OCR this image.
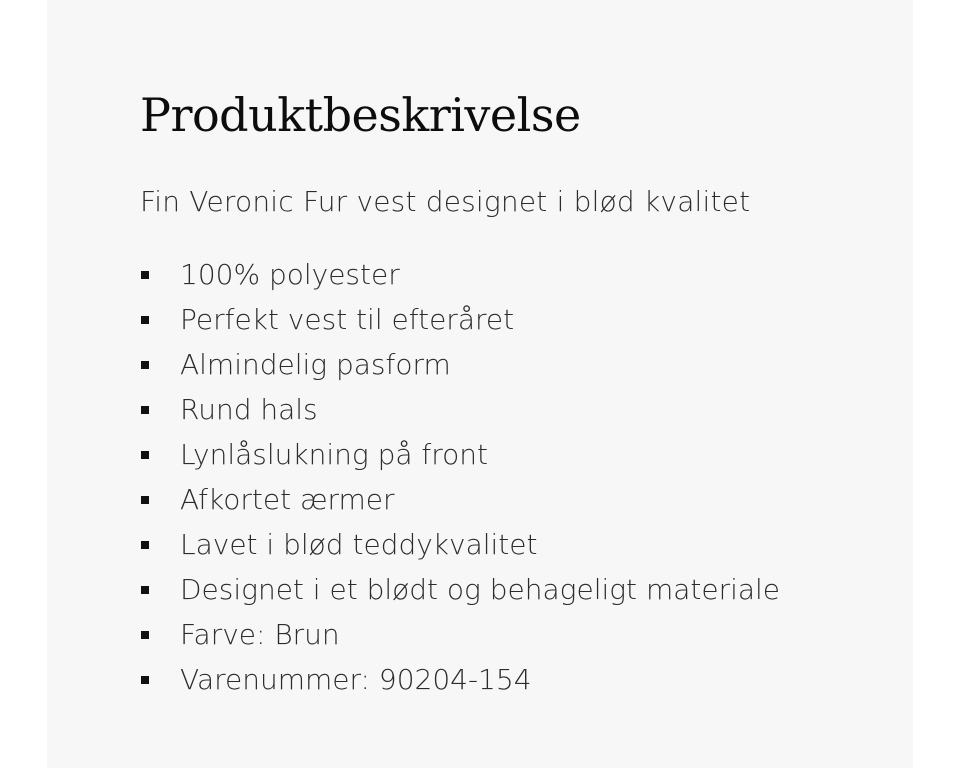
Produktbeskrivelse

Fin Veronic Fur vest designet i blød kvalitet

100% polyester
Perfekt vest til efteråret
Almindelig pasform
Rund hals
Lynlåslukning på front
Afkortet ærmer
Lavet i blød teddykvalitet
Designet i et blødt og behageligt materiale
Farve: Brun
Varenummer: 90204-154
